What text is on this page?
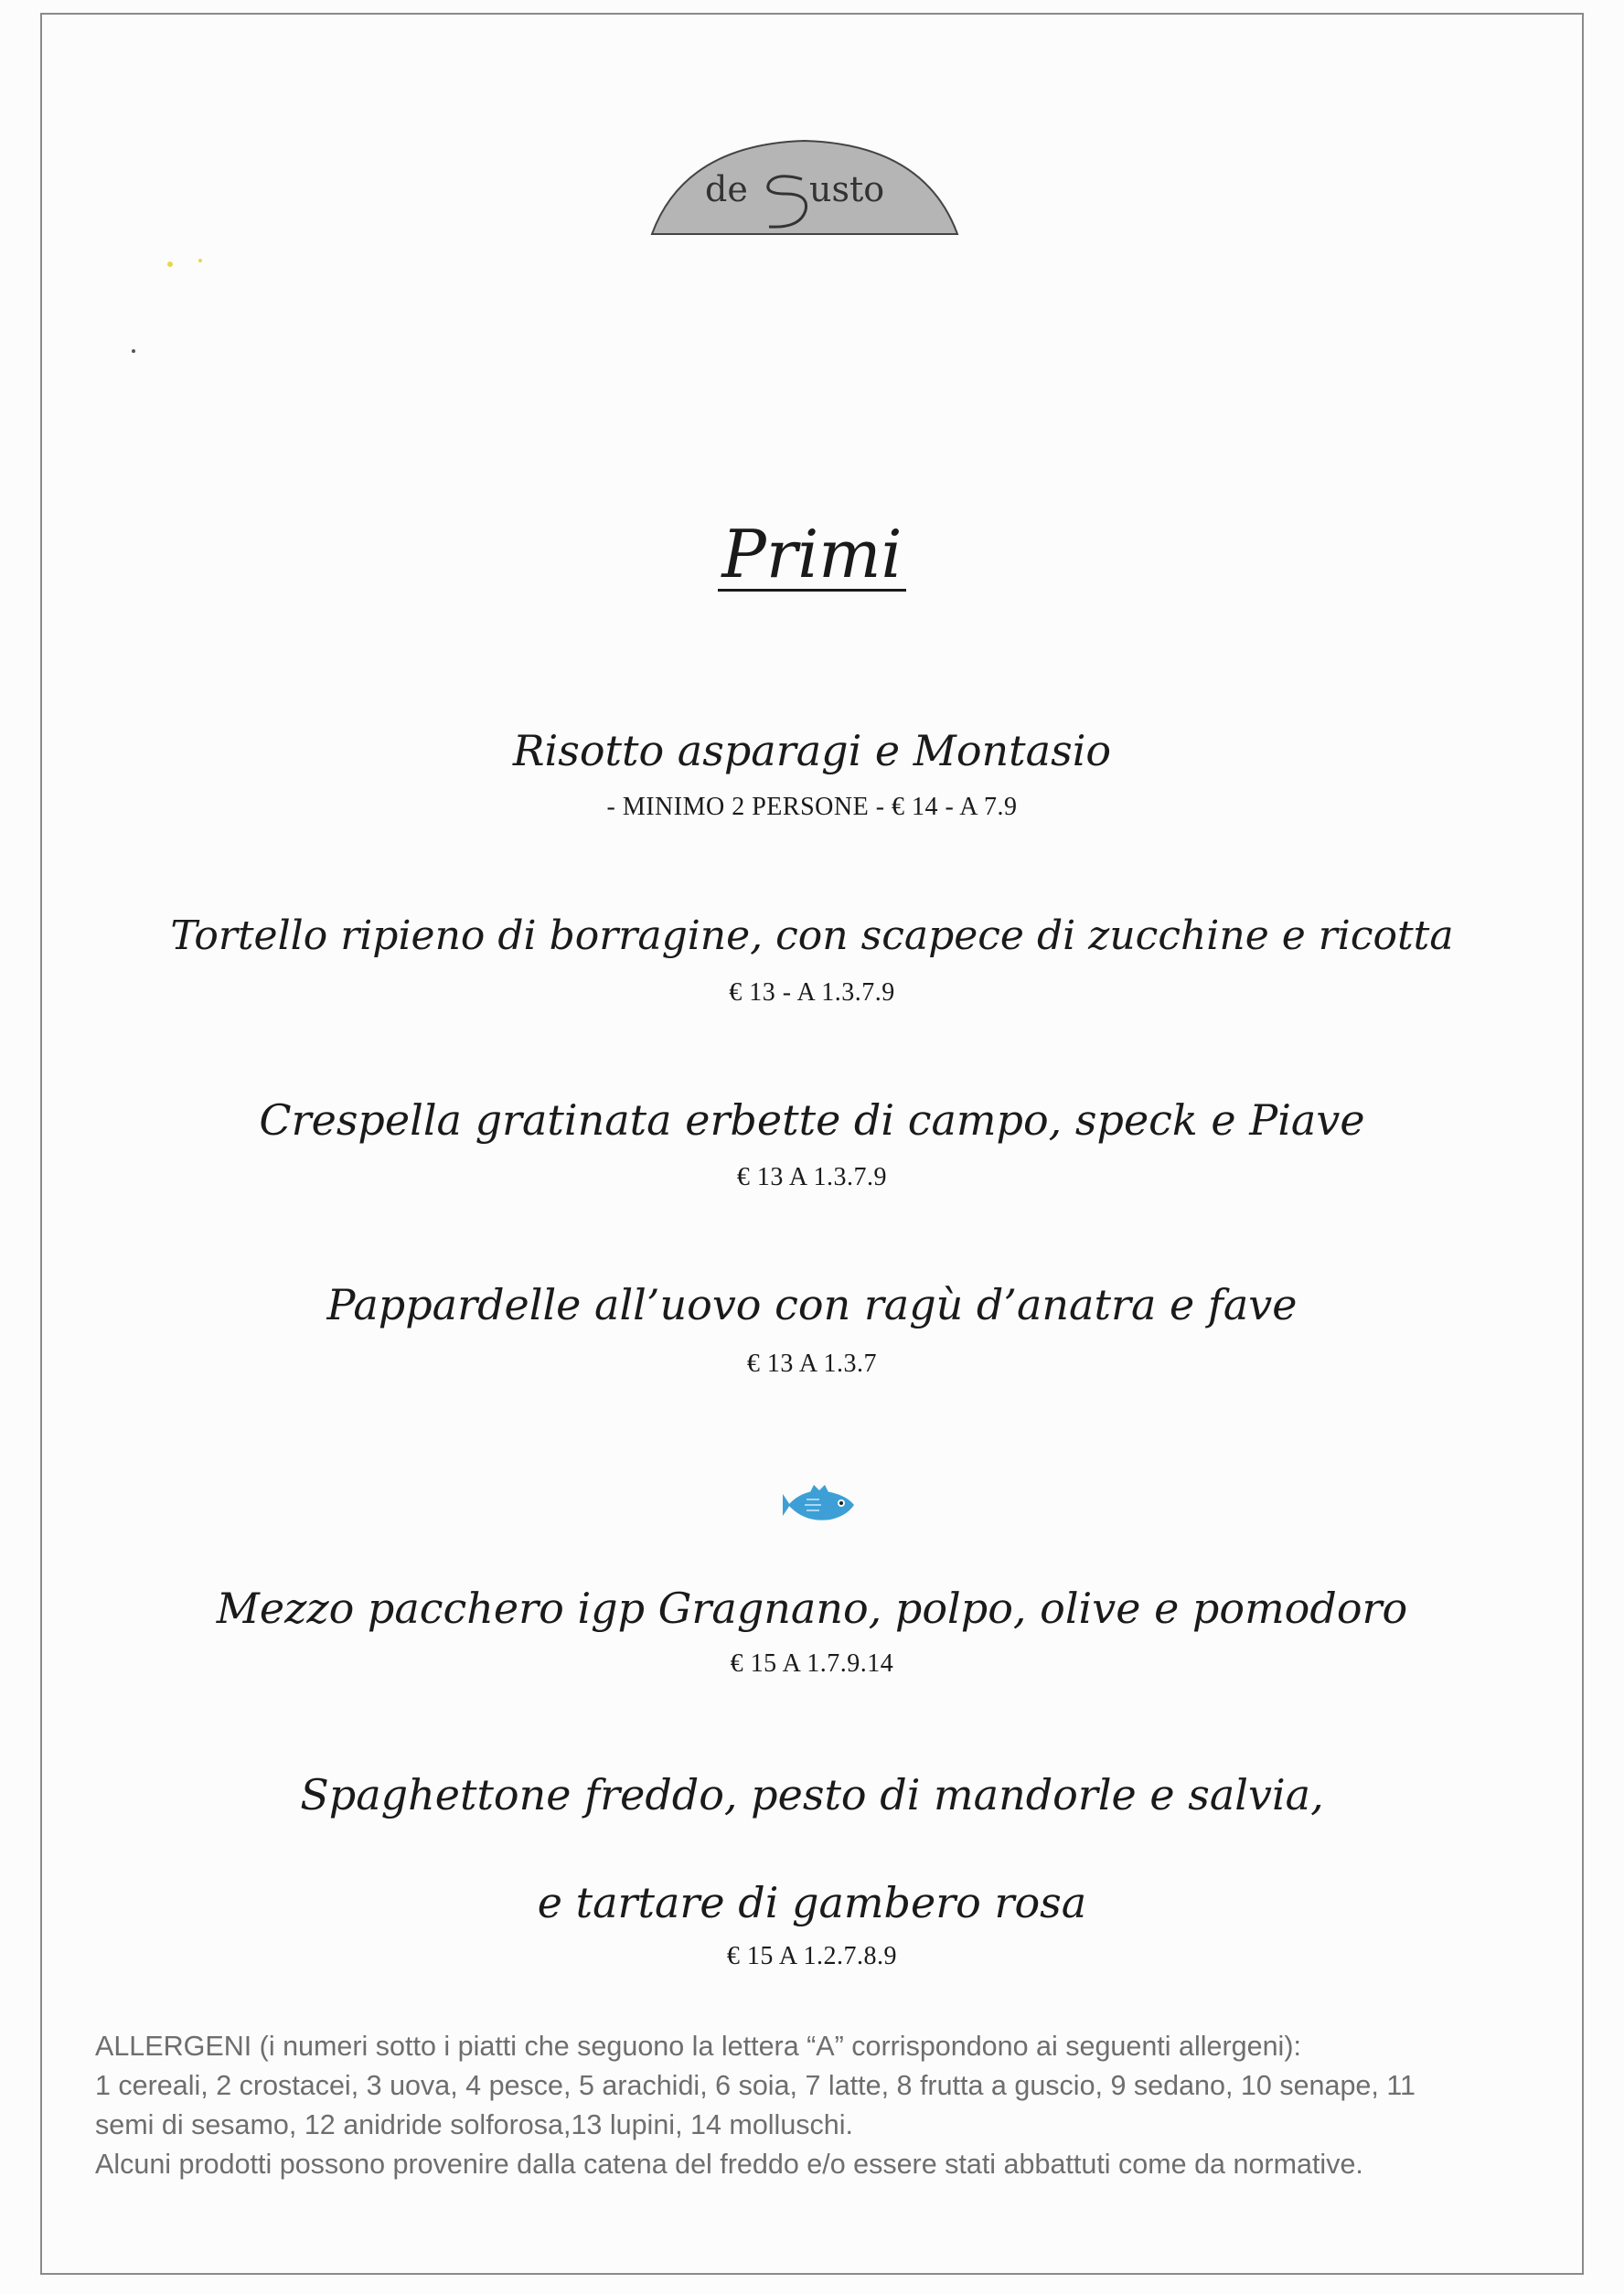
de usto
Primi
Risotto asparagi e Montasio
- MINIMO 2 PERSONE - € 14 - A 7.9
Tortello ripieno di borragine, con scapece di zucchine e ricotta
€ 13 - A 1.3.7.9
Crespella gratinata erbette di campo, speck e Piave
€ 13 A 1.3.7.9
Pappardelle all’uovo con ragù d’anatra e fave
€ 13 A 1.3.7
Mezzo pacchero igp Gragnano, polpo, olive e pomodoro
€ 15 A 1.7.9.14
Spaghettone freddo, pesto di mandorle e salvia,
e tartare di gambero rosa
€ 15 A 1.2.7.8.9
ALLERGENI (i numeri sotto i piatti che seguono la lettera “A” corrispondono ai seguenti allergeni):
1 cereali, 2 crostacei, 3 uova, 4 pesce, 5 arachidi, 6 soia, 7 latte, 8 frutta a guscio, 9 sedano, 10 senape, 11
semi di sesamo, 12 anidride solforosa,13 lupini, 14 molluschi.
Alcuni prodotti possono provenire dalla catena del freddo e/o essere stati abbattuti come da normative.
